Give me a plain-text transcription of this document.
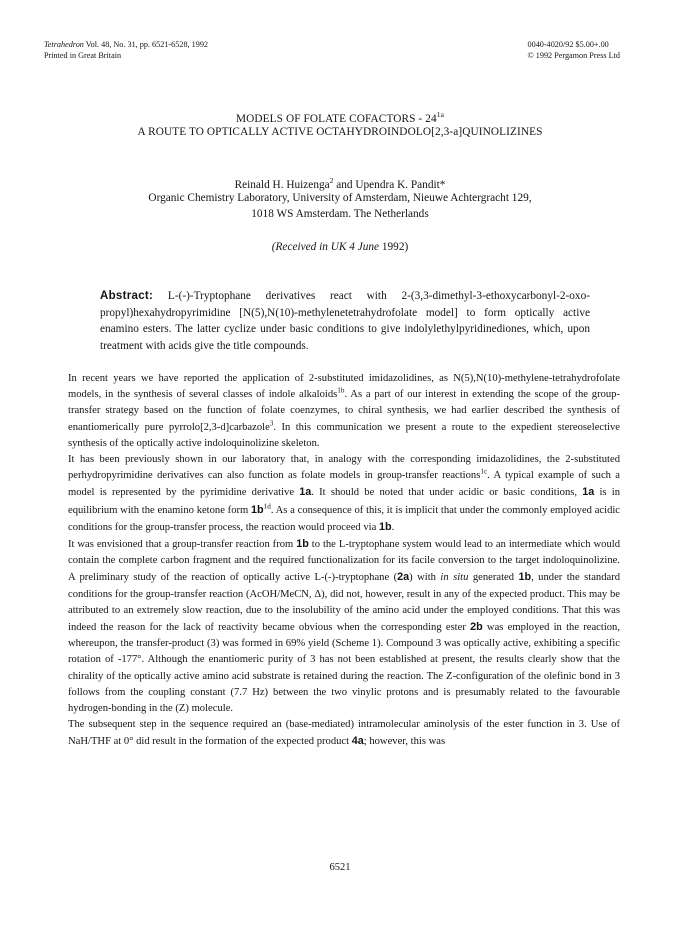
Tetrahedron Vol. 48, No. 31, pp. 6521-6528, 1992
Printed in Great Britain
0040-4020/92 $5.00+.00
© 1992 Pergamon Press Ltd
MODELS OF FOLATE COFACTORS - $24^{1a}$
A ROUTE TO OPTICALLY ACTIVE OCTAHYDROINDOLO[2,3-a]QUINOLIZINES
Reinald H. Huizenga$^2$ and Upendra K. Pandit*
Organic Chemistry Laboratory, University of Amsterdam, Nieuwe Achtergracht 129,
1018 WS Amsterdam. The Netherlands
(Received in UK 4 June 1992)
Abstract: L-(-)-Tryptophane derivatives react with 2-(3,3-dimethyl-3-ethoxycarbonyl-2-oxo-propyl)hexahydropyrimidine [N(5),N(10)-methylenetetrahydrofolate model] to form optically active enamino esters. The latter cyclize under basic conditions to give indolylethylpyridinediones, which, upon treatment with acids give the title compounds.

In recent years we have reported the application of 2-substituted imidazolidines, as N(5),N(10)-methylene-tetrahydrofolate models, in the synthesis of several classes of indole alkaloids$^{1b}$. As a part of our interest in extending the scope of the group-transfer strategy based on the function of folate coenzymes, to chiral synthesis, we had earlier described the synthesis of enantiomerically pure pyrrolo[2,3-d]carbazole$^3$. In this communication we present a route to the expedient stereoselective synthesis of the optically active indoloquinolizine skeleton.

It has been previously shown in our laboratory that, in analogy with the corresponding imidazolidines, the 2-substituted perhydropyrimidine derivatives can also function as folate models in group-transfer reactions$^{1c}$. A typical example of such a model is represented by the pyrimidine derivative 1a. It should be noted that under acidic or basic conditions, 1a is in equilibrium with the enamino ketone form $1b^{1d}$. As a consequence of this, it is implicit that under the commonly employed acidic conditions for the group-transfer process, the reaction would proceed via 1b.

It was envisioned that a group-transfer reaction from 1b to the L-tryptophane system would lead to an intermediate which would contain the complete carbon fragment and the required functionalization for its facile conversion to the target indoloquinolizine. A preliminary study of the reaction of optically active L-(-)-tryptophane (2a) with in situ generated 1b, under the standard conditions for the group-transfer reaction (AcOH/MeCN, Δ), did not, however, result in any of the expected product. This may be attributed to an extremely slow reaction, due to the insolubility of the amino acid under the employed conditions. That this was indeed the reason for the lack of reactivity became obvious when the corresponding ester 2b was employed in the reaction, whereupon, the transfer-product (3) was formed in 69% yield (Scheme 1). Compound 3 was optically active, exhibiting a specific rotation of -177°. Although the enantiomeric purity of 3 has not been established at present, the results clearly show that the chirality of the optically active amino acid substrate is retained during the reaction. The Z-configuration of the olefinic bond in 3 follows from the coupling constant (7.7 Hz) between the two vinylic protons and is presumably related to the favourable hydrogen-bonding in the (Z) molecule.

The subsequent step in the sequence required an (base-mediated) intramolecular aminolysis of the ester function in 3. Use of NaH/THF at 0° did result in the formation of the expected product 4a; however, this was

6521
